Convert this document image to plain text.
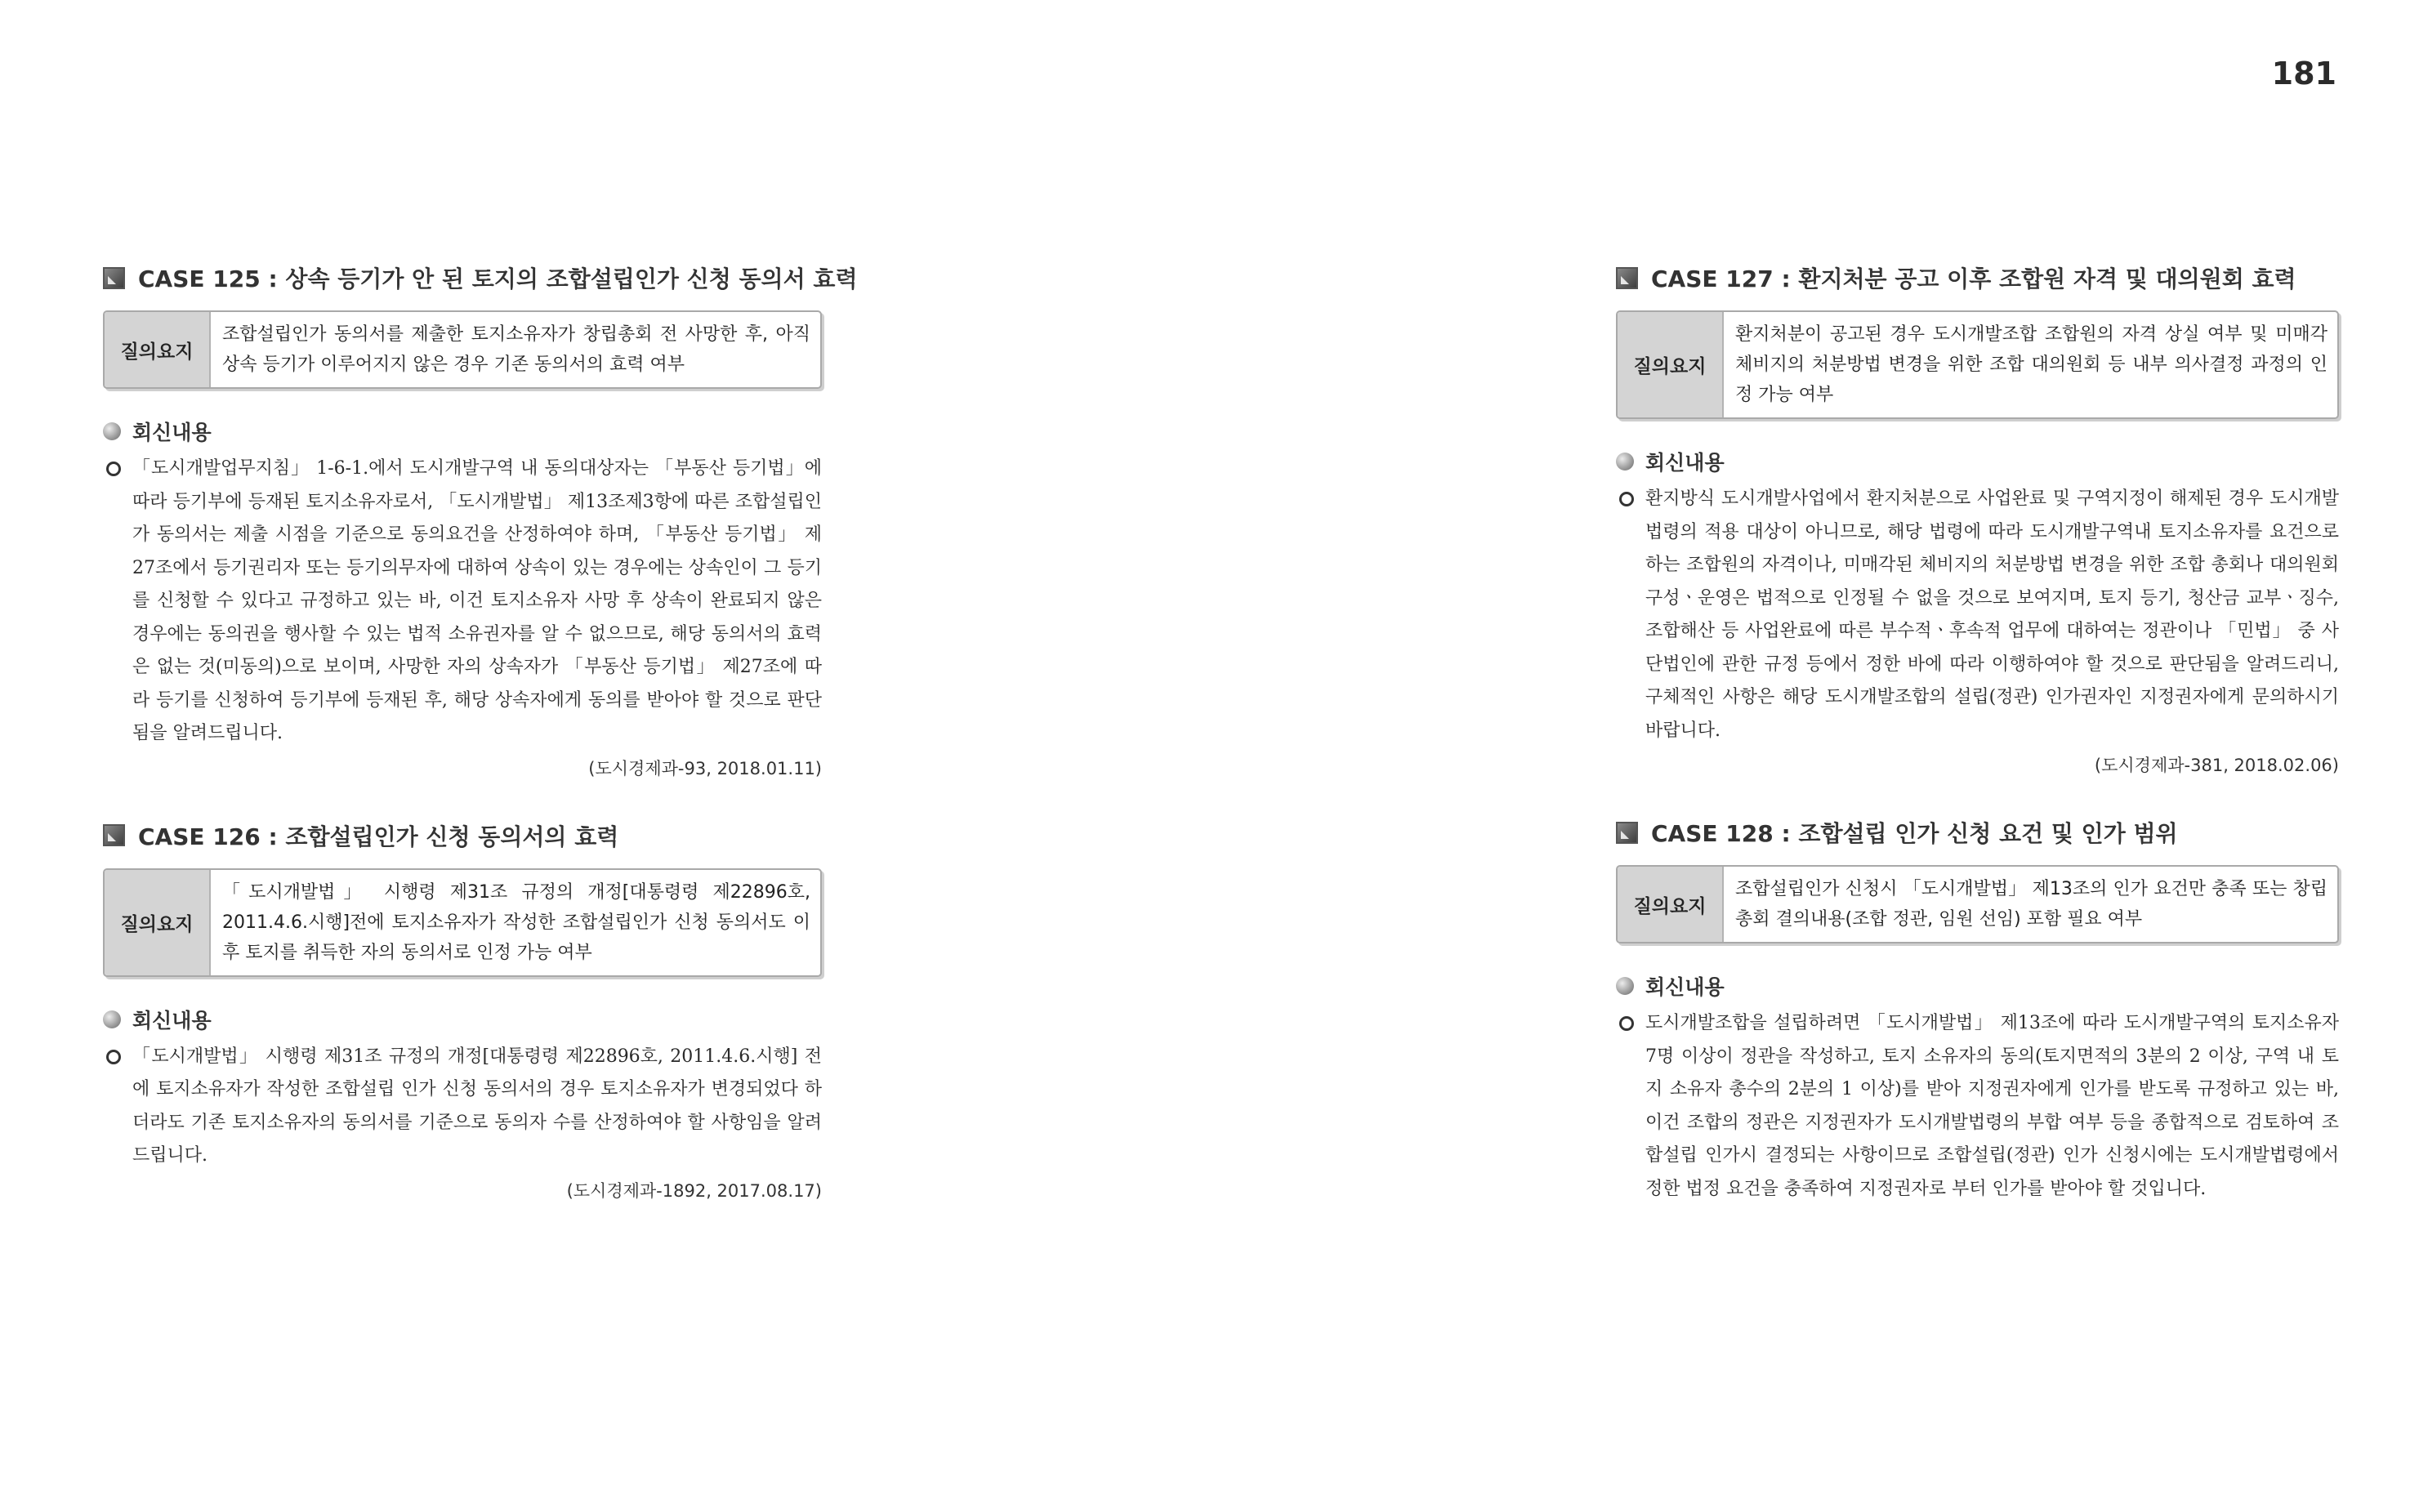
181
CASE 125 : 상속 등기가 안 된 토지의 조합설립인가 신청 동의서 효력
질의요지
조합설립인가 동의서를 제출한 토지소유자가 창립총회 전 사망한 후, 아직 상속 등기가 이루어지지 않은 경우 기존 동의서의 효력 여부
회신내용
「도시개발업무지침」 1-6-1.에서 도시개발구역 내 동의대상자는 「부동산 등기법」에 따라 등기부에 등재된 토지소유자로서, 「도시개발법」 제13조제3항에 따른 조합설립인가 동의서는 제출 시점을 기준으로 동의요건을 산정하여야 하며, 「부동산 등기법」 제27조에서 등기권리자 또는 등기의무자에 대하여 상속이 있는 경우에는 상속인이 그 등기를 신청할 수 있다고 규정하고 있는 바, 이건 토지소유자 사망 후 상속이 완료되지 않은 경우에는 동의권을 행사할 수 있는 법적 소유권자를 알 수 없으므로, 해당 동의서의 효력은 없는 것(미동의)으로 보이며, 사망한 자의 상속자가 「부동산 등기법」 제27조에 따라 등기를 신청하여 등기부에 등재된 후, 해당 상속자에게 동의를 받아야 할 것으로 판단됨을 알려드립니다.
(도시경제과-93, 2018.01.11)
CASE 126 : 조합설립인가 신청 동의서의 효력
질의요지
「도시개발법」 시행령 제31조 규정의 개정[대통령령 제22896호, 2011.4.6.시행]전에 토지소유자가 작성한 조합설립인가 신청 동의서도 이후 토지를 취득한 자의 동의서로 인정 가능 여부
회신내용
「도시개발법」 시행령 제31조 규정의 개정[대통령령 제22896호, 2011.4.6.시행] 전에 토지소유자가 작성한 조합설립 인가 신청 동의서의 경우 토지소유자가 변경되었다 하더라도 기존 토지소유자의 동의서를 기준으로 동의자 수를 산정하여야 할 사항임을 알려드립니다.
(도시경제과-1892, 2017.08.17)
CASE 127 : 환지처분 공고 이후 조합원 자격 및 대의원회 효력
질의요지
환지처분이 공고된 경우 도시개발조합 조합원의 자격 상실 여부 및 미매각 체비지의 처분방법 변경을 위한 조합 대의원회 등 내부 의사결정 과정의 인정 가능 여부
회신내용
환지방식 도시개발사업에서 환지처분으로 사업완료 및 구역지정이 해제된 경우 도시개발법령의 적용 대상이 아니므로, 해당 법령에 따라 도시개발구역내 토지소유자를 요건으로 하는 조합원의 자격이나, 미매각된 체비지의 처분방법 변경을 위한 조합 총회나 대의원회 구성ㆍ운영은 법적으로 인정될 수 없을 것으로 보여지며, 토지 등기, 청산금 교부ㆍ징수, 조합해산 등 사업완료에 따른 부수적ㆍ후속적 업무에 대하여는 정관이나 「민법」 중 사단법인에 관한 규정 등에서 정한 바에 따라 이행하여야 할 것으로 판단됨을 알려드리니, 구체적인 사항은 해당 도시개발조합의 설립(정관) 인가권자인 지정권자에게 문의하시기 바랍니다.
(도시경제과-381, 2018.02.06)
CASE 128 : 조합설립 인가 신청 요건 및 인가 범위
질의요지
조합설립인가 신청시 「도시개발법」 제13조의 인가 요건만 충족 또는 창립총회 결의내용(조합 정관, 임원 선임) 포함 필요 여부
회신내용
도시개발조합을 설립하려면 「도시개발법」 제13조에 따라 도시개발구역의 토지소유자 7명 이상이 정관을 작성하고, 토지 소유자의 동의(토지면적의 3분의 2 이상, 구역 내 토지 소유자 총수의 2분의 1 이상)를 받아 지정권자에게 인가를 받도록 규정하고 있는 바, 이건 조합의 정관은 지정권자가 도시개발법령의 부합 여부 등을 종합적으로 검토하여 조합설립 인가시 결정되는 사항이므로 조합설립(정관) 인가 신청시에는 도시개발법령에서 정한 법정 요건을 충족하여 지정권자로 부터 인가를 받아야 할 것입니다.
